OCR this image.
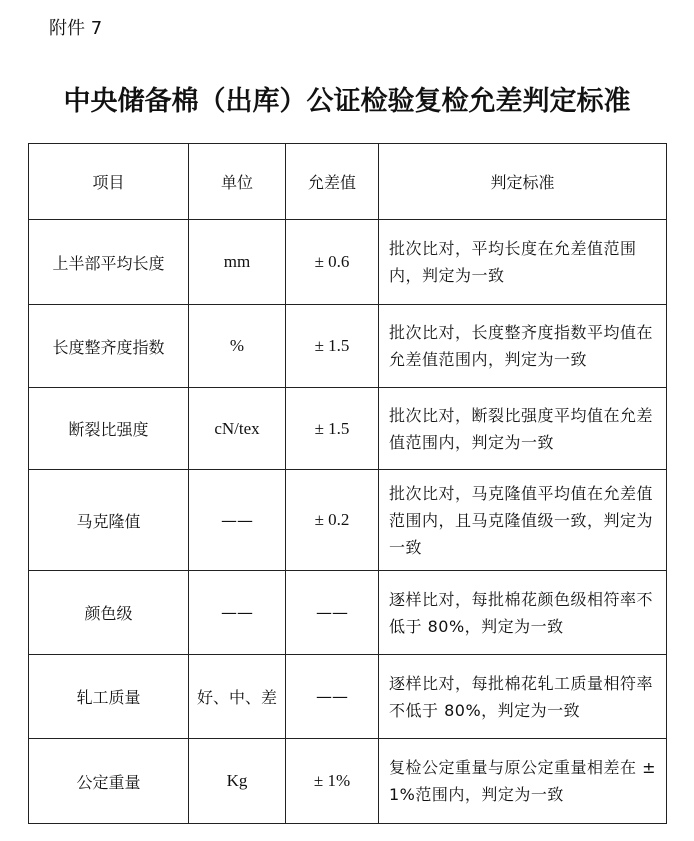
附件 7
中央储备棉（出库）公证检验复检允差判定标准
项目	单位	允差值	判定标准
上半部平均长度	mm	± 0.6	批次比对，平均长度在允差值范围内，判定为一致
长度整齐度指数	%	± 1.5	批次比对，长度整齐度指数平均值在允差值范围内，判定为一致
断裂比强度	cN/tex	± 1.5	批次比对，断裂比强度平均值在允差值范围内，判定为一致
马克隆值	——	± 0.2	批次比对，马克隆值平均值在允差值范围内，且马克隆值级一致，判定为一致
颜色级	——	——	逐样比对，每批棉花颜色级相符率不低于 80%，判定为一致
轧工质量	好、中、差	——	逐样比对，每批棉花轧工质量相符率不低于 80%，判定为一致
公定重量	Kg	± 1%	复检公定重量与原公定重量相差在 ± 1%范围内，判定为一致
